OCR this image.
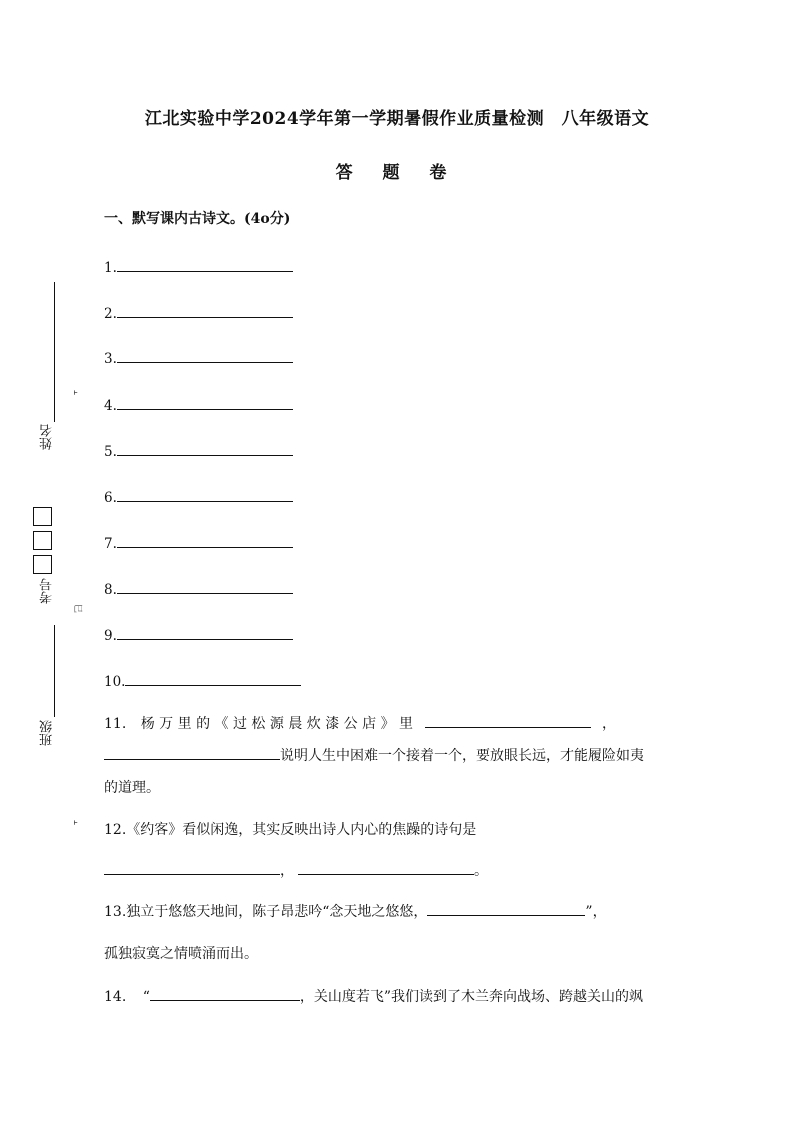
江北实验中学2024学年第一学期暑假作业质量检测　八年级语文
答 题 卷
一、默写课内古诗文。(4o分)
1.
2.
3.
4.
5.
6.
7.
8.
9.
10.
11. 杨 万 里 的 《 过 松 源 晨 炊 漆 公 店 》 里	，
说明人生中困难一个接着一个，要放眼长远，才能履险如夷
的道理。
12.《约客》看似闲逸，其实反映出诗人内心的焦躁的诗句是
，	。
13.独立于悠悠天地间，陈子昂悲吟“念天地之悠悠，	”，
孤独寂寞之情喷涌而出。
14. “	，关山度若飞”我们读到了木兰奔向战场、跨越关山的飒
姓名
考号
班级
ⲳ
⺒
ⲳ
